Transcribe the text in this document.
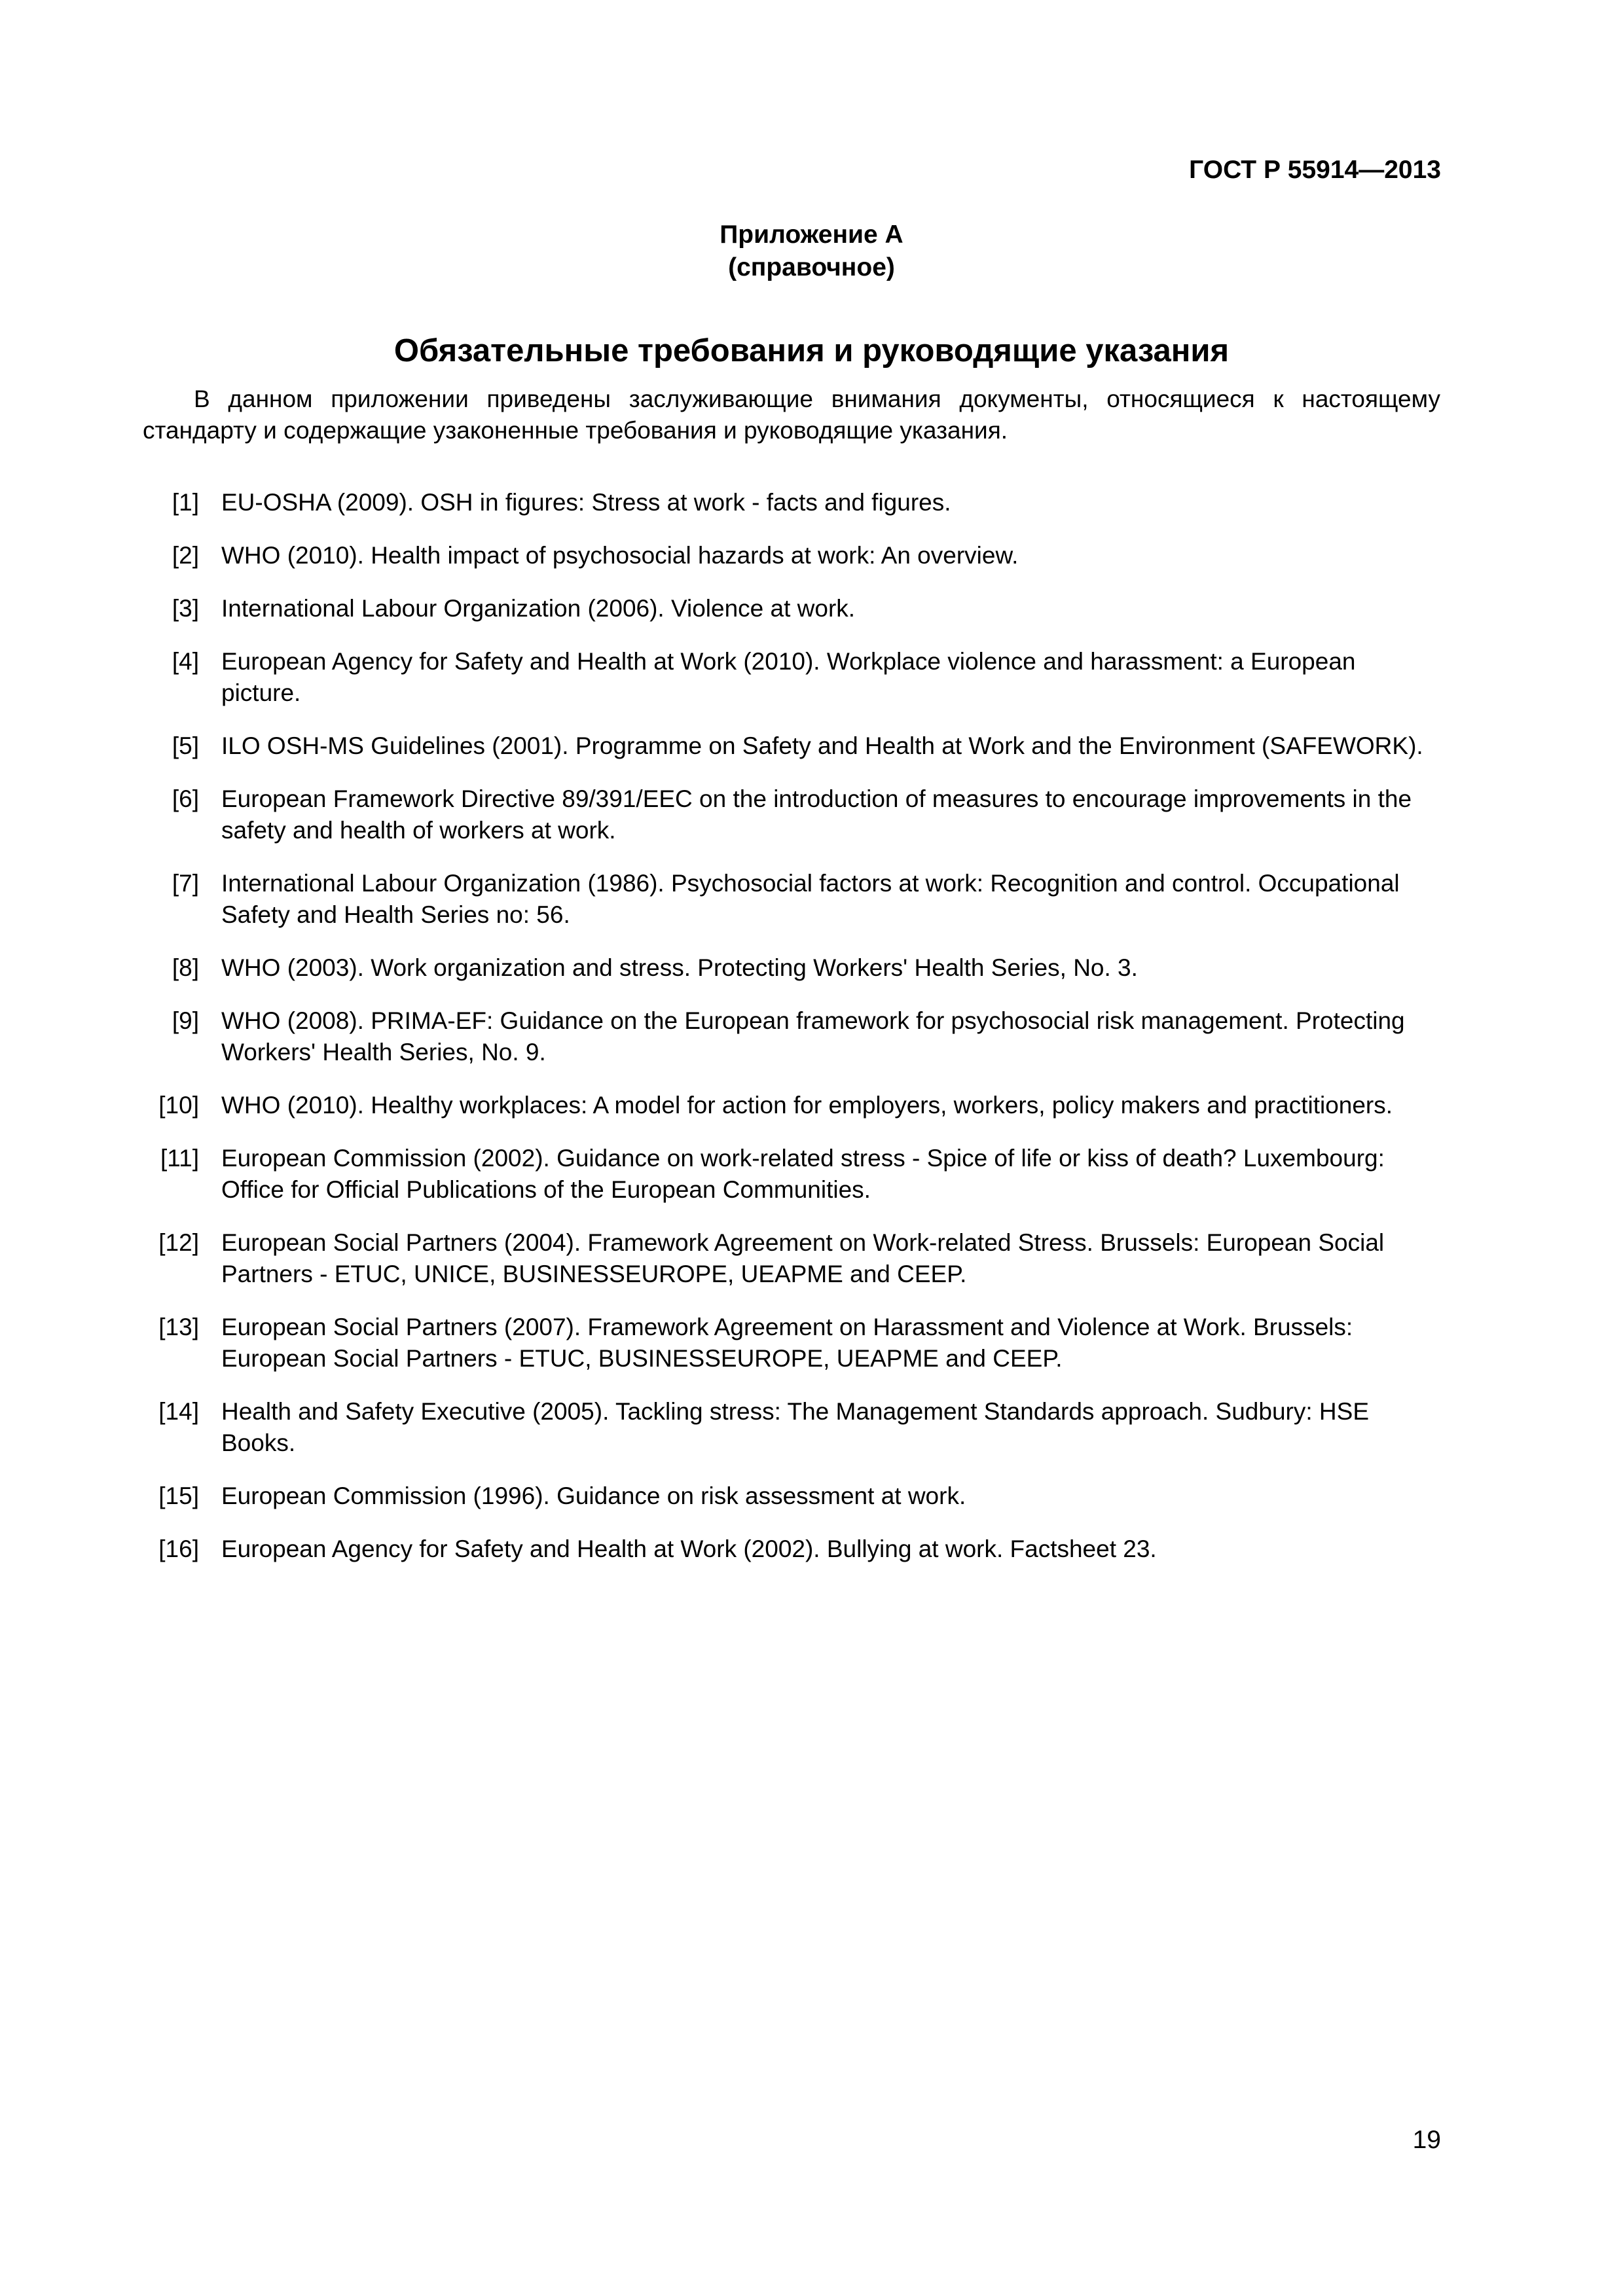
ГОСТ Р 55914—2013
Приложение А
(справочное)
Обязательные требования и руководящие указания
В данном приложении приведены заслуживающие внимания документы, относящиеся к настоящему стандарту и содержащие узаконенные требования и руководящие указания.
[1] EU-OSHA (2009). OSH in figures: Stress at work - facts and figures.
[2] WHO (2010). Health impact of psychosocial hazards at work: An overview.
[3] International Labour Organization (2006). Violence at work.
[4] European Agency for Safety and Health at Work (2010). Workplace violence and harassment: a European picture.
[5] ILO OSH-MS Guidelines (2001). Programme on Safety and Health at Work and the Environment (SAFEWORK).
[6] European Framework Directive 89/391/EEC on the introduction of measures to encourage improvements in the safety and health of workers at work.
[7] International Labour Organization (1986). Psychosocial factors at work: Recognition and control. Occupational Safety and Health Series no: 56.
[8] WHO (2003). Work organization and stress. Protecting Workers' Health Series, No. 3.
[9] WHO (2008). PRIMA-EF: Guidance on the European framework for psychosocial risk management. Protecting Workers' Health Series, No. 9.
[10] WHO (2010). Healthy workplaces: A model for action for employers, workers, policy makers and practitioners.
[11] European Commission (2002). Guidance on work-related stress - Spice of life or kiss of death? Luxembourg: Office for Official Publications of the European Communities.
[12] European Social Partners (2004). Framework Agreement on Work-related Stress. Brussels: European Social Partners - ETUC, UNICE, BUSINESSEUROPE, UEAPME and CEEP.
[13] European Social Partners (2007). Framework Agreement on Harassment and Violence at Work. Brussels: European Social Partners - ETUC, BUSINESSEUROPE, UEAPME and CEEP.
[14] Health and Safety Executive (2005). Tackling stress: The Management Standards approach. Sudbury: HSE Books.
[15] European Commission (1996). Guidance on risk assessment at work.
[16] European Agency for Safety and Health at Work (2002). Bullying at work. Factsheet 23.
19
